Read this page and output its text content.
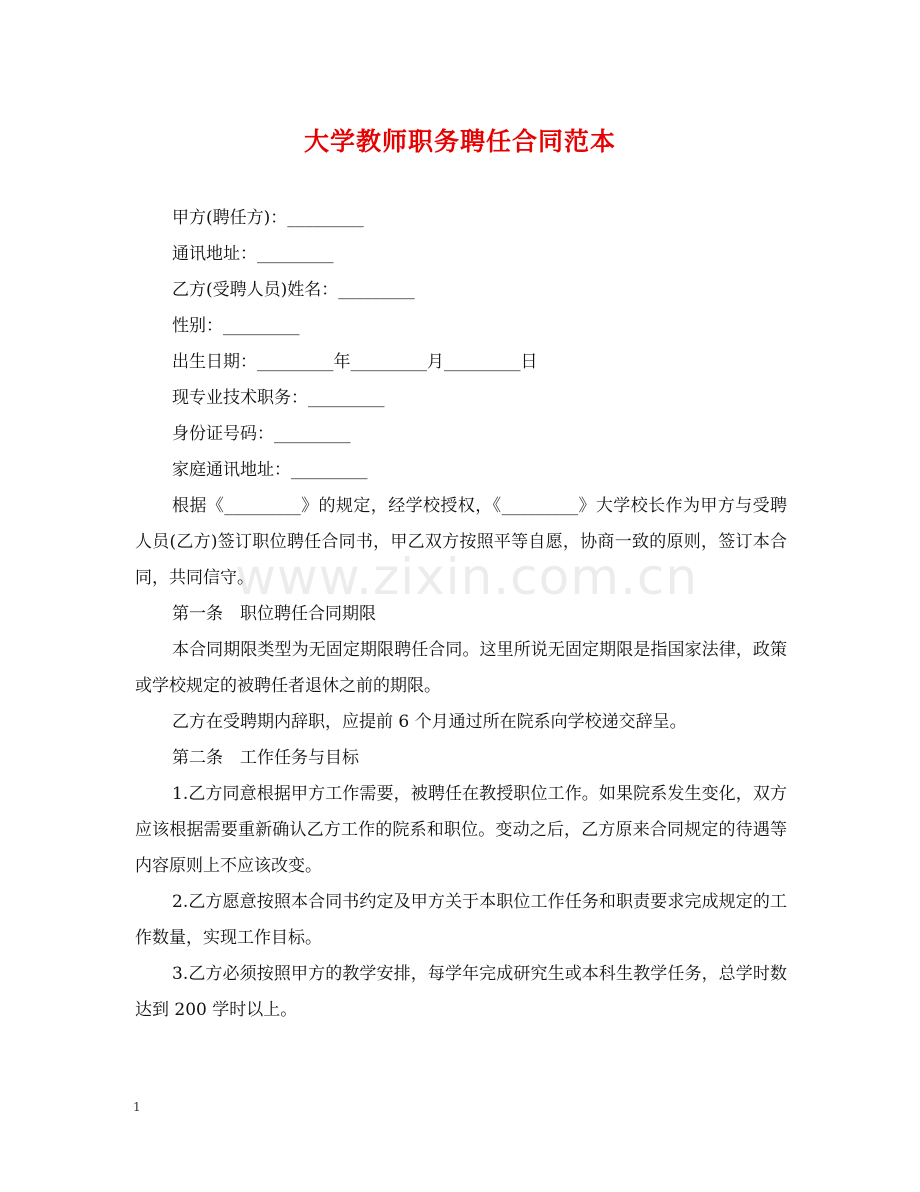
大学教师职务聘任合同范本

甲方(聘任方)：_________

通讯地址：_________

乙方(受聘人员)姓名：_________

性别：_________

出生日期：_________年_________月_________日

现专业技术职务：_________

身份证号码：_________

家庭通讯地址：_________

根据《_________》的规定，经学校授权，《_________》大学校长作为甲方与受聘人员(乙方)签订职位聘任合同书，甲乙双方按照平等自愿，协商一致的原则，签订本合同，共同信守。

第一条　职位聘任合同期限

本合同期限类型为无固定期限聘任合同。这里所说无固定期限是指国家法律，政策或学校规定的被聘任者退休之前的期限。

乙方在受聘期内辞职，应提前 6 个月通过所在院系向学校递交辞呈。

第二条　工作任务与目标

1.乙方同意根据甲方工作需要，被聘任在教授职位工作。如果院系发生变化，双方应该根据需要重新确认乙方工作的院系和职位。变动之后，乙方原来合同规定的待遇等内容原则上不应该改变。

2.乙方愿意按照本合同书约定及甲方关于本职位工作任务和职责要求完成规定的工作数量，实现工作目标。

3.乙方必须按照甲方的教学安排，每学年完成研究生或本科生教学任务，总学时数达到 200 学时以上。

www.zixin.com.cn
1
